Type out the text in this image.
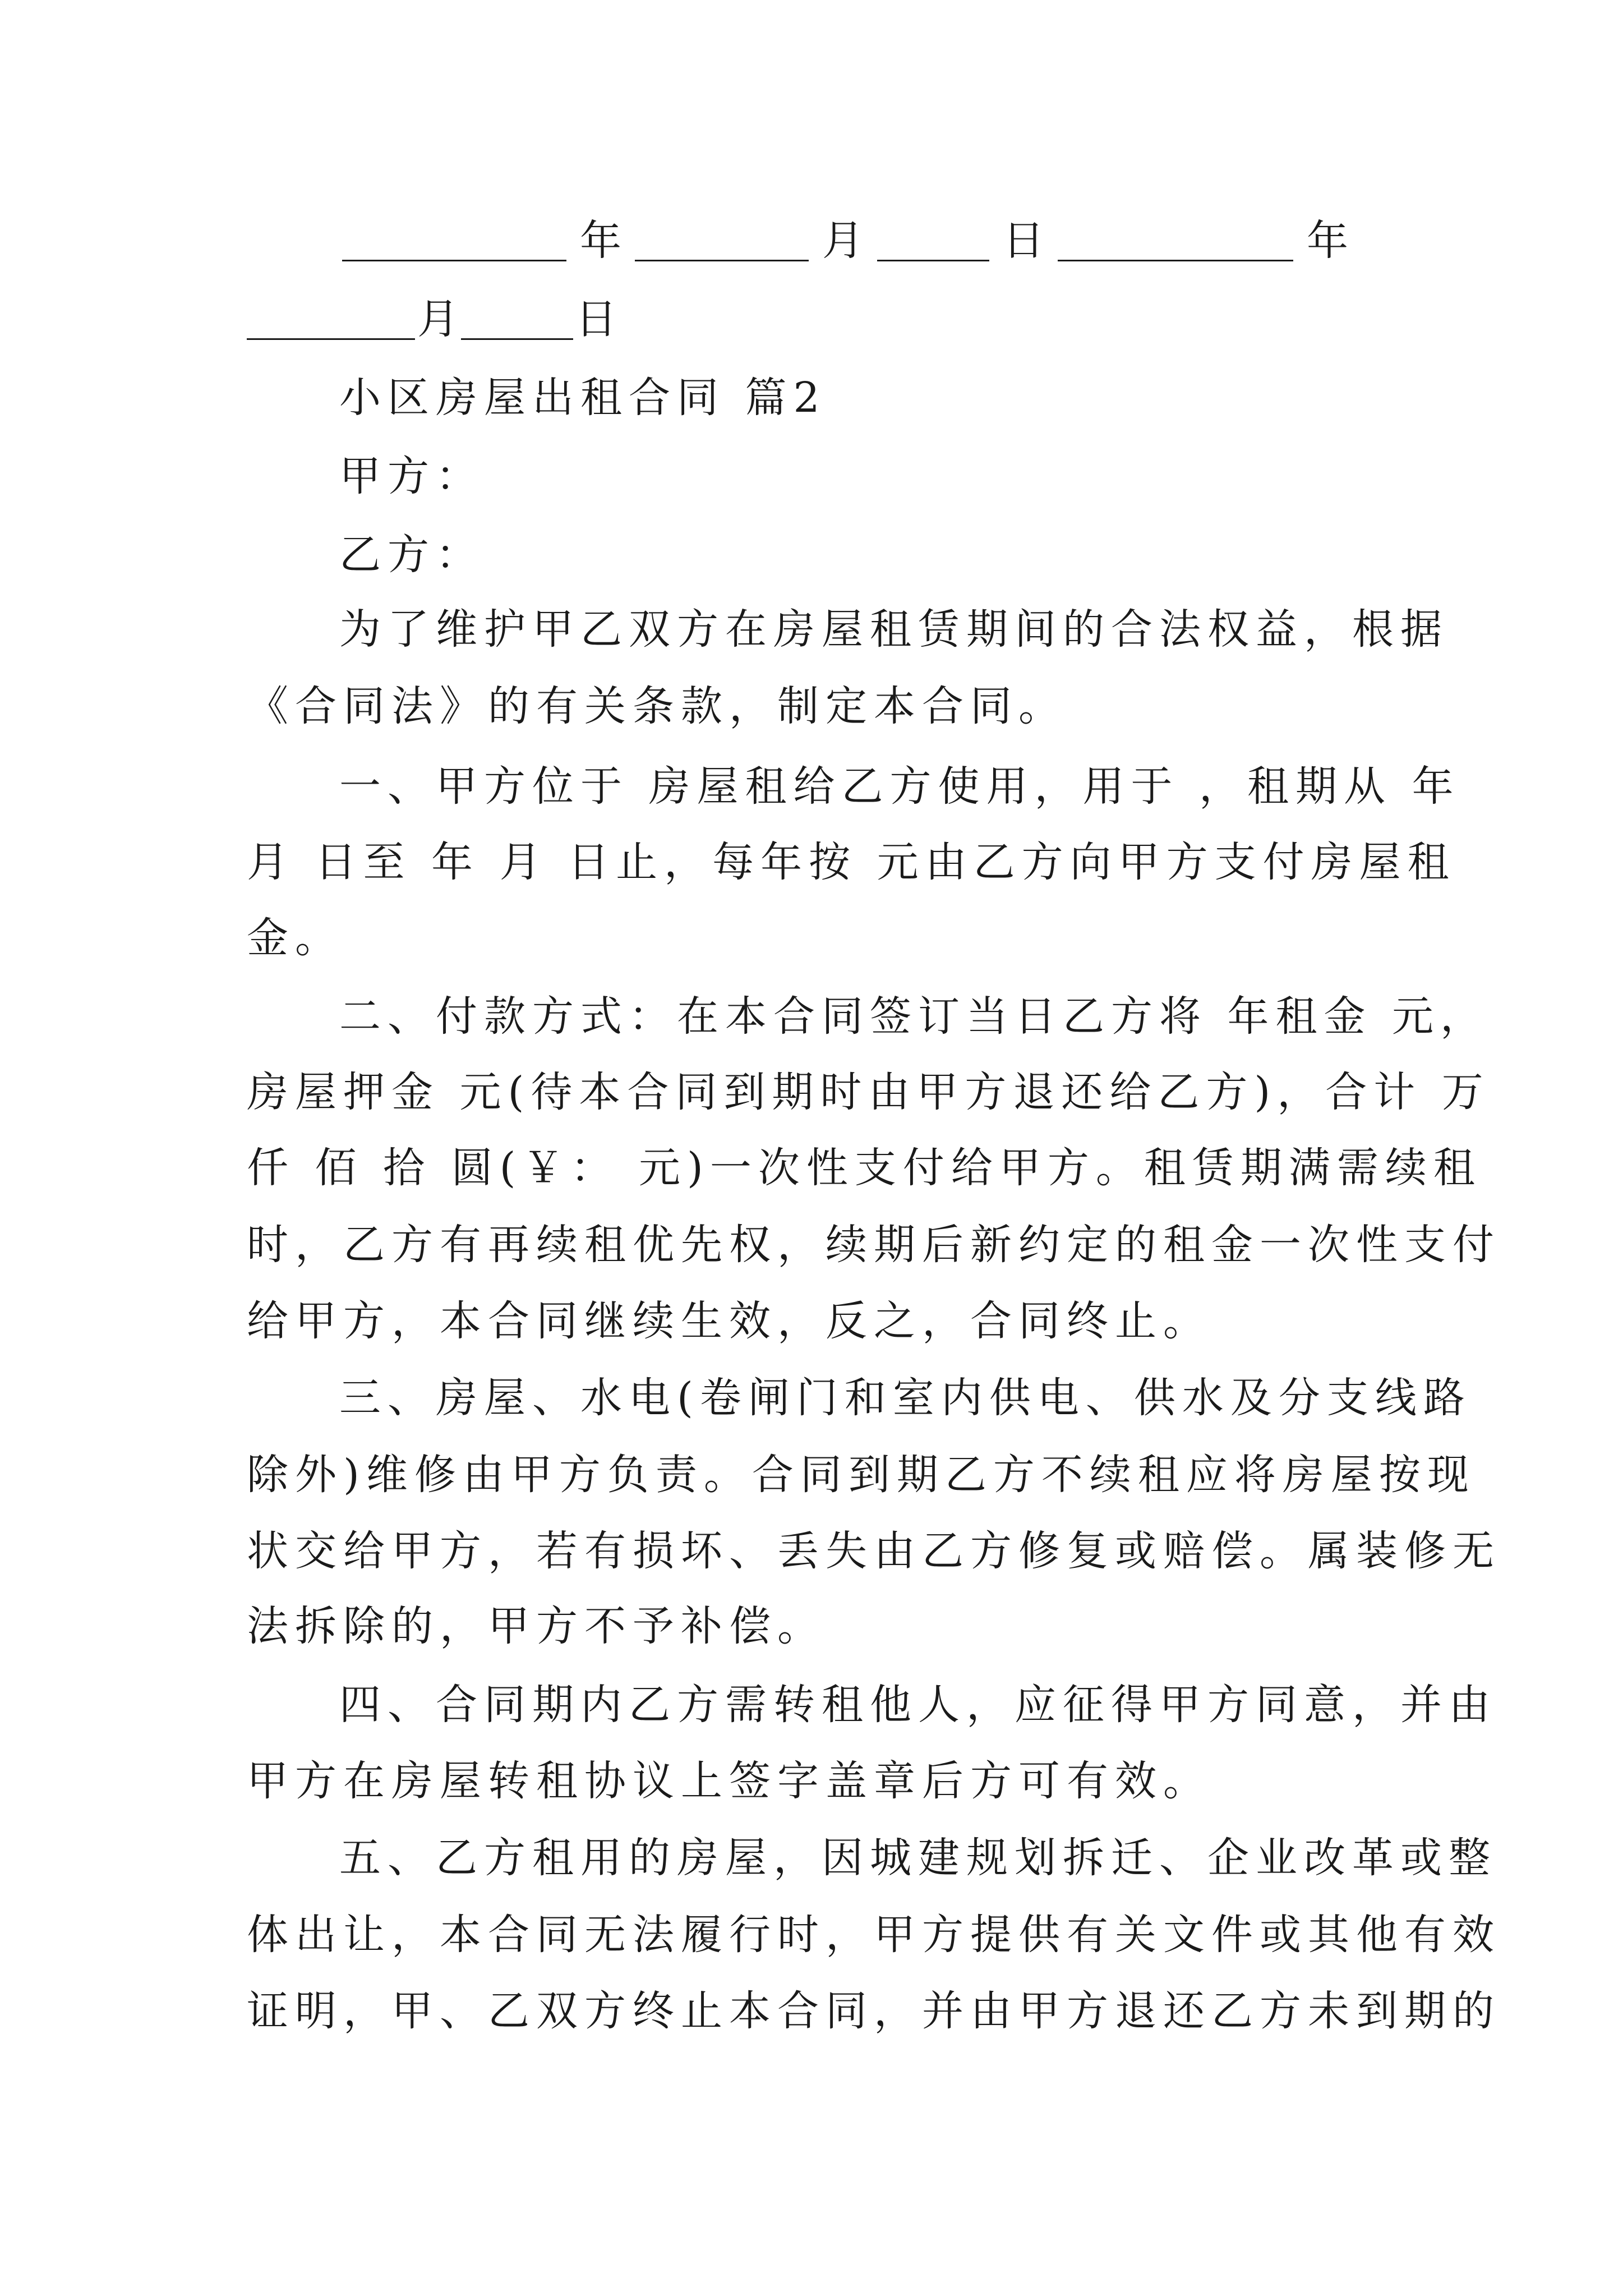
年	月	日	年
月	日
小区房屋出租合同 篇2
甲方：
乙方：
为了维护甲乙双方在房屋租赁期间的合法权益，根据
《合同法》的有关条款，制定本合同。
一、甲方位于 房屋租给乙方使用，用于 ，租期从 年
月 日至 年 月 日止，每年按 元由乙方向甲方支付房屋租
金。
二、付款方式：在本合同签订当日乙方将 年租金 元，
房屋押金 元(待本合同到期时由甲方退还给乙方)，合计 万
仟 佰 拾 圆(￥： 元)一次性支付给甲方。租赁期满需续租
时，乙方有再续租优先权，续期后新约定的租金一次性支付
给甲方，本合同继续生效，反之，合同终止。
三、房屋、水电(卷闸门和室内供电、供水及分支线路
除外)维修由甲方负责。合同到期乙方不续租应将房屋按现
状交给甲方，若有损坏、丢失由乙方修复或赔偿。属装修无
法拆除的，甲方不予补偿。
四、合同期内乙方需转租他人，应征得甲方同意，并由
甲方在房屋转租协议上签字盖章后方可有效。
五、乙方租用的房屋，因城建规划拆迁、企业改革或整
体出让，本合同无法履行时，甲方提供有关文件或其他有效
证明，甲、乙双方终止本合同，并由甲方退还乙方未到期的
